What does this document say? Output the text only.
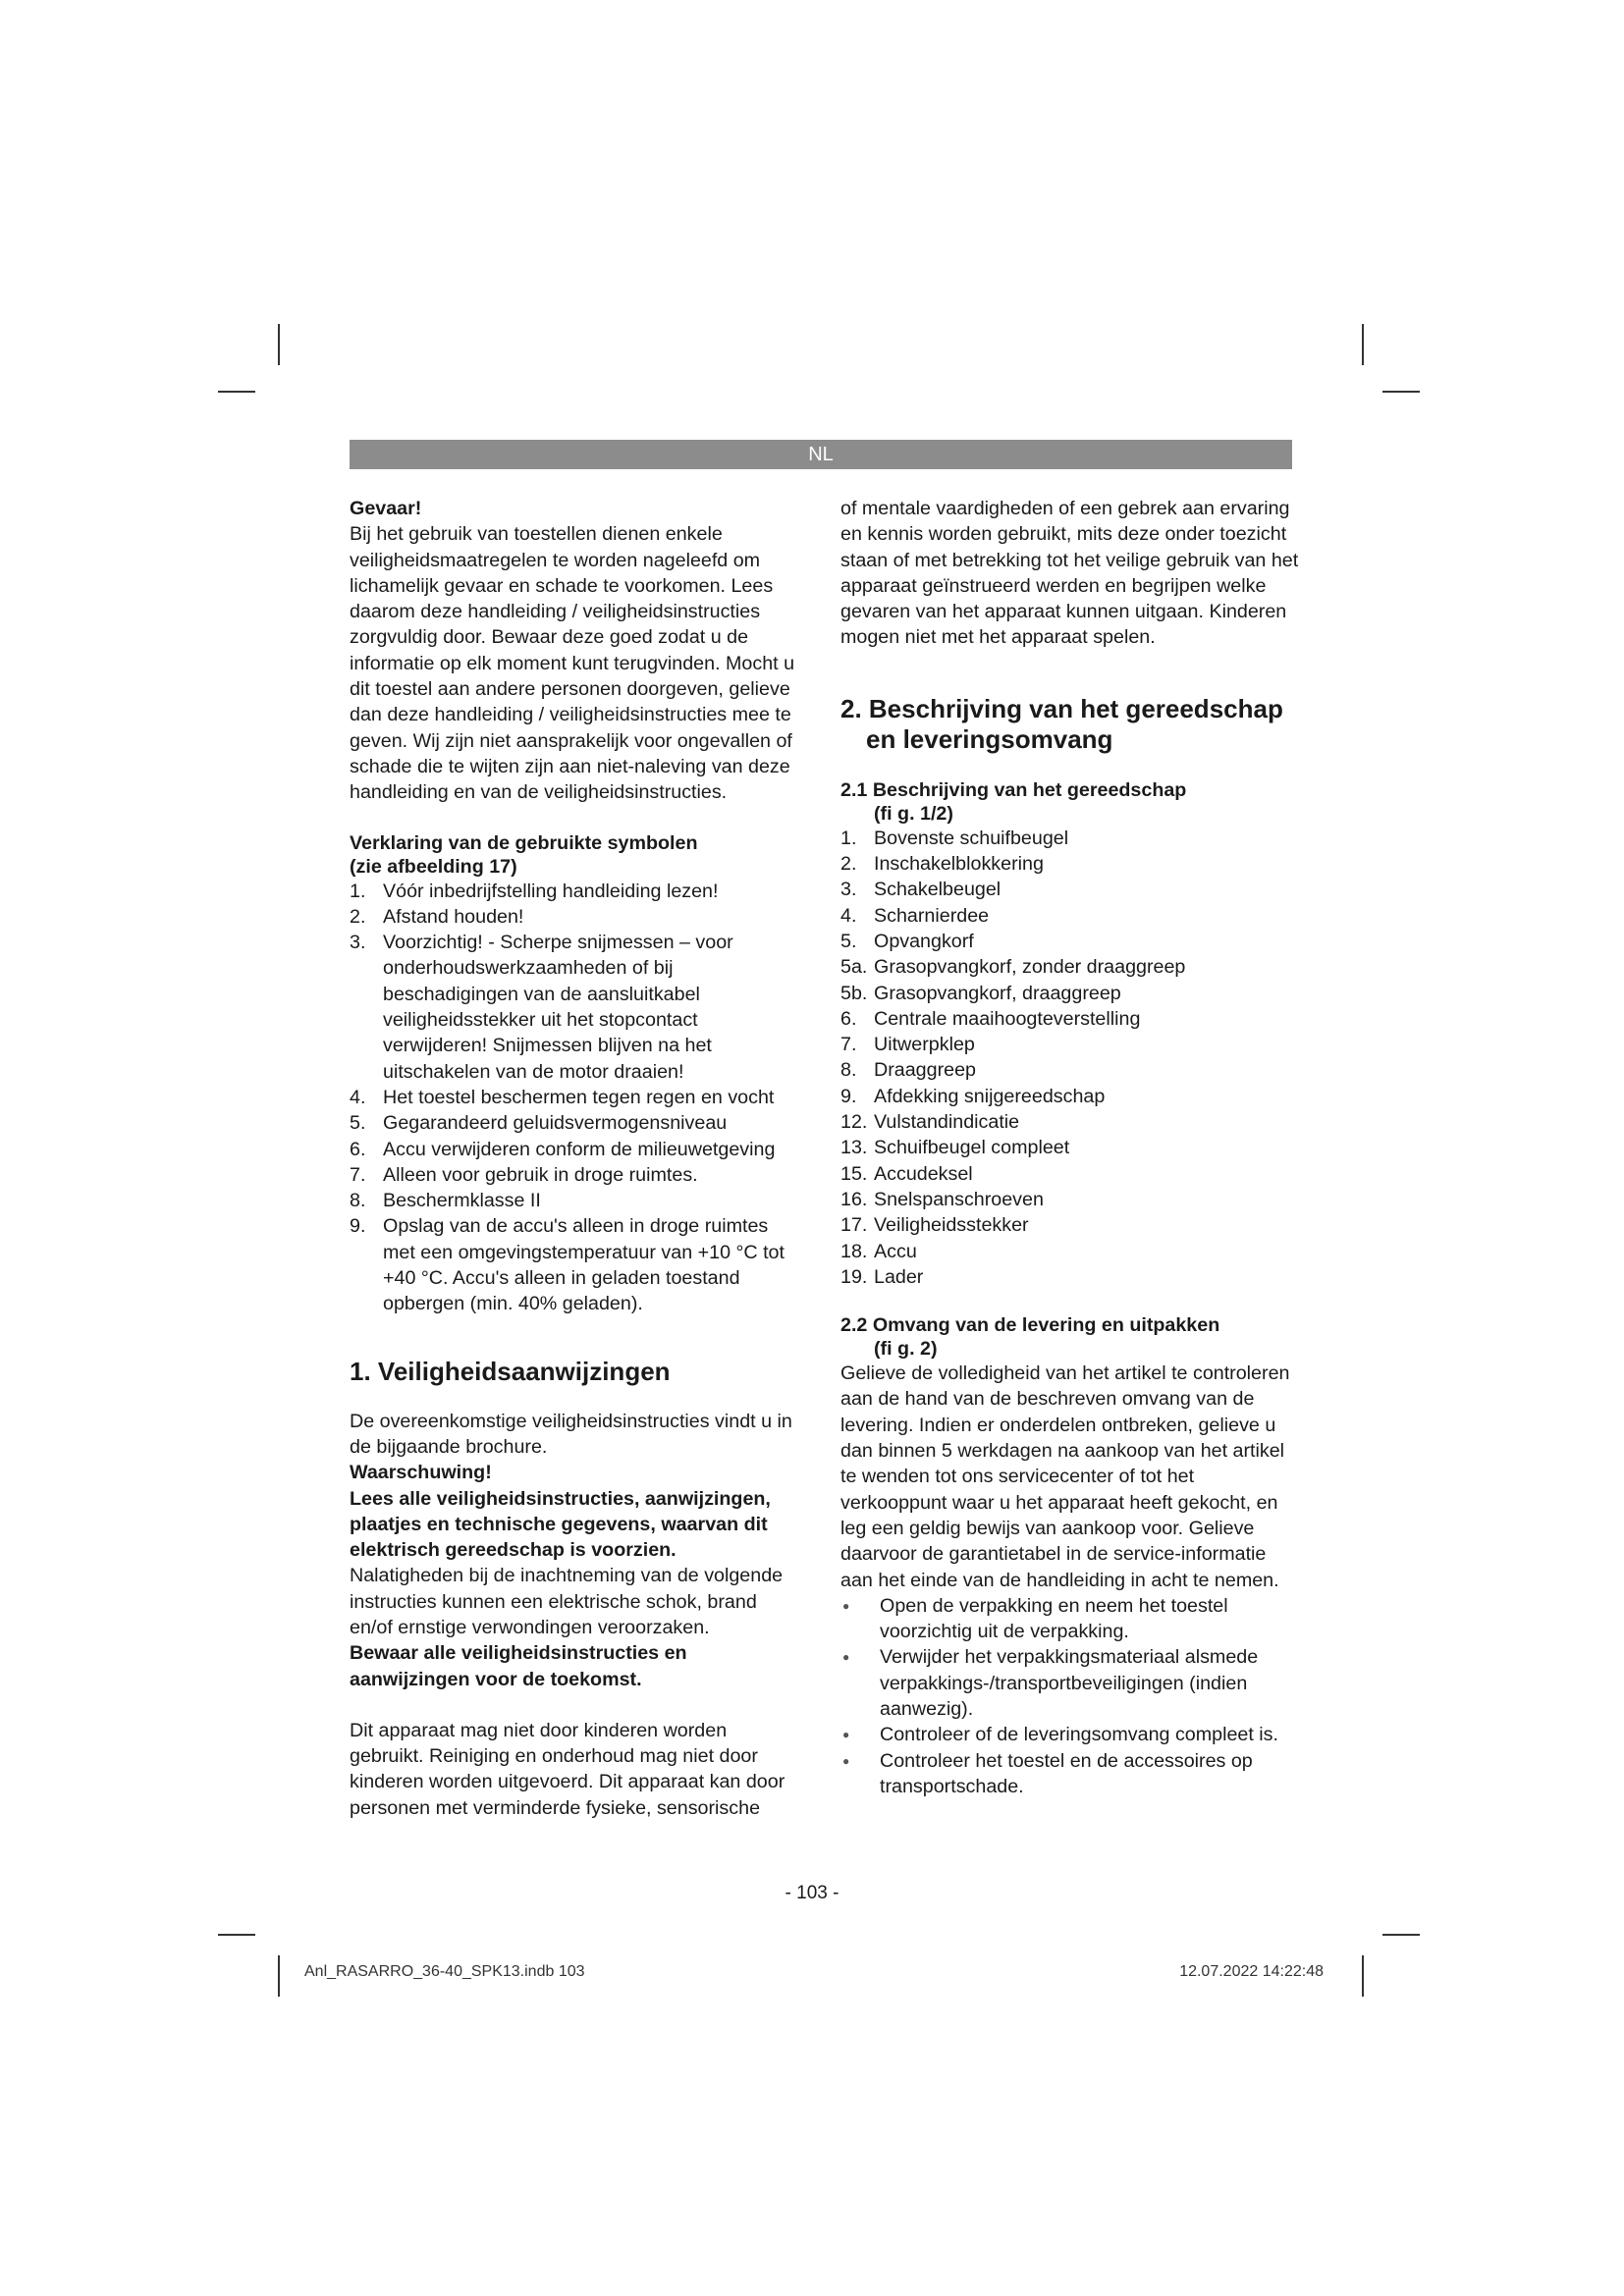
NL

Gevaar!

Bij het gebruik van toestellen dienen enkele veiligheidsmaatregelen te worden nageleefd om lichamelijk gevaar en schade te voorkomen. Lees daarom deze handleiding / veiligheidsinstructies zorgvuldig door. Bewaar deze goed zodat u de informatie op elk moment kunt terugvinden. Mocht u dit toestel aan andere personen doorgeven, gelieve dan deze handleiding / veiligheidsinstructies mee te geven. Wij zijn niet aansprakelijk voor ongevallen of schade die te wijten zijn aan niet-naleving van deze handleiding en van de veiligheidsinstructies.

Verklaring van de gebruikte symbolen
(zie afbeelding 17)

1. Vóór inbedrijfstelling handleiding lezen!
2. Afstand houden!
3. Voorzichtig! - Scherpe snijmessen – voor onderhoudswerkzaamheden of bij beschadigingen van de aansluitkabel veiligheidsstekker uit het stopcontact verwijderen! Snijmessen blijven na het uitschakelen van de motor draaien!
4. Het toestel beschermen tegen regen en vocht
5. Gegarandeerd geluidsvermogensniveau
6. Accu verwijderen conform de milieuwetgeving
7. Alleen voor gebruik in droge ruimtes.
8. Beschermklasse II
9. Opslag van de accu's alleen in droge ruimtes met een omgevingstemperatuur van +10 °C tot +40 °C. Accu's alleen in geladen toestand opbergen (min. 40% geladen).

1. Veiligheidsaanwijzingen

De overeenkomstige veiligheidsinstructies vindt u in de bijgaande brochure.

Waarschuwing!

Lees alle veiligheidsinstructies, aanwijzingen, plaatjes en technische gegevens, waarvan dit elektrisch gereedschap is voorzien.

Nalatigheden bij de inachtneming van de volgende instructies kunnen een elektrische schok, brand en/of ernstige verwondingen veroorzaken.

Bewaar alle veiligheidsinstructies en aanwijzingen voor de toekomst.

Dit apparaat mag niet door kinderen worden gebruikt. Reiniging en onderhoud mag niet door kinderen worden uitgevoerd. Dit apparaat kan door personen met verminderde fysieke, sensorische

of mentale vaardigheden of een gebrek aan ervaring en kennis worden gebruikt, mits deze onder toezicht staan of met betrekking tot het veilige gebruik van het apparaat geïnstrueerd werden en begrijpen welke gevaren van het apparaat kunnen uitgaan. Kinderen mogen niet met het apparaat spelen.

2. Beschrijving van het gereedschap

en leveringsomvang

2.1 Beschrijving van het gereedschap

(fi g. 1/2)

1. Bovenste schuifbeugel
2. Inschakelblokkering
3. Schakelbeugel
4. Scharnierdee
5. Opvangkorf
5a. Grasopvangkorf, zonder draaggreep
5b. Grasopvangkorf, draaggreep
6. Centrale maaihoogteverstelling
7. Uitwerpklep
8. Draaggreep
9. Afdekking snijgereedschap
12. Vulstandindicatie
13. Schuifbeugel compleet
15. Accudeksel
16. Snelspanschroeven
17. Veiligheidsstekker
18. Accu
19. Lader

2.2 Omvang van de levering en uitpakken

(fi g. 2)

Gelieve de volledigheid van het artikel te controleren aan de hand van de beschreven omvang van de levering. Indien er onderdelen ontbreken, gelieve u dan binnen 5 werkdagen na aankoop van het artikel te wenden tot ons servicecenter of tot het verkooppunt waar u het apparaat heeft gekocht, en leg een geldig bewijs van aankoop voor. Gelieve daarvoor de garantietabel in de service-informatie aan het einde van de handleiding in acht te nemen.

●	Open de verpakking en neem het toestel voorzichtig uit de verpakking.
●	Verwijder het verpakkingsmateriaal alsmede verpakkings-/transportbeveiligingen (indien aanwezig).
●	Controleer of de leveringsomvang compleet is.
●	Controleer het toestel en de accessoires op transportschade.
- 103 -
Anl_RASARRO_36-40_SPK13.indb 103	12.07.2022 14:22:48
